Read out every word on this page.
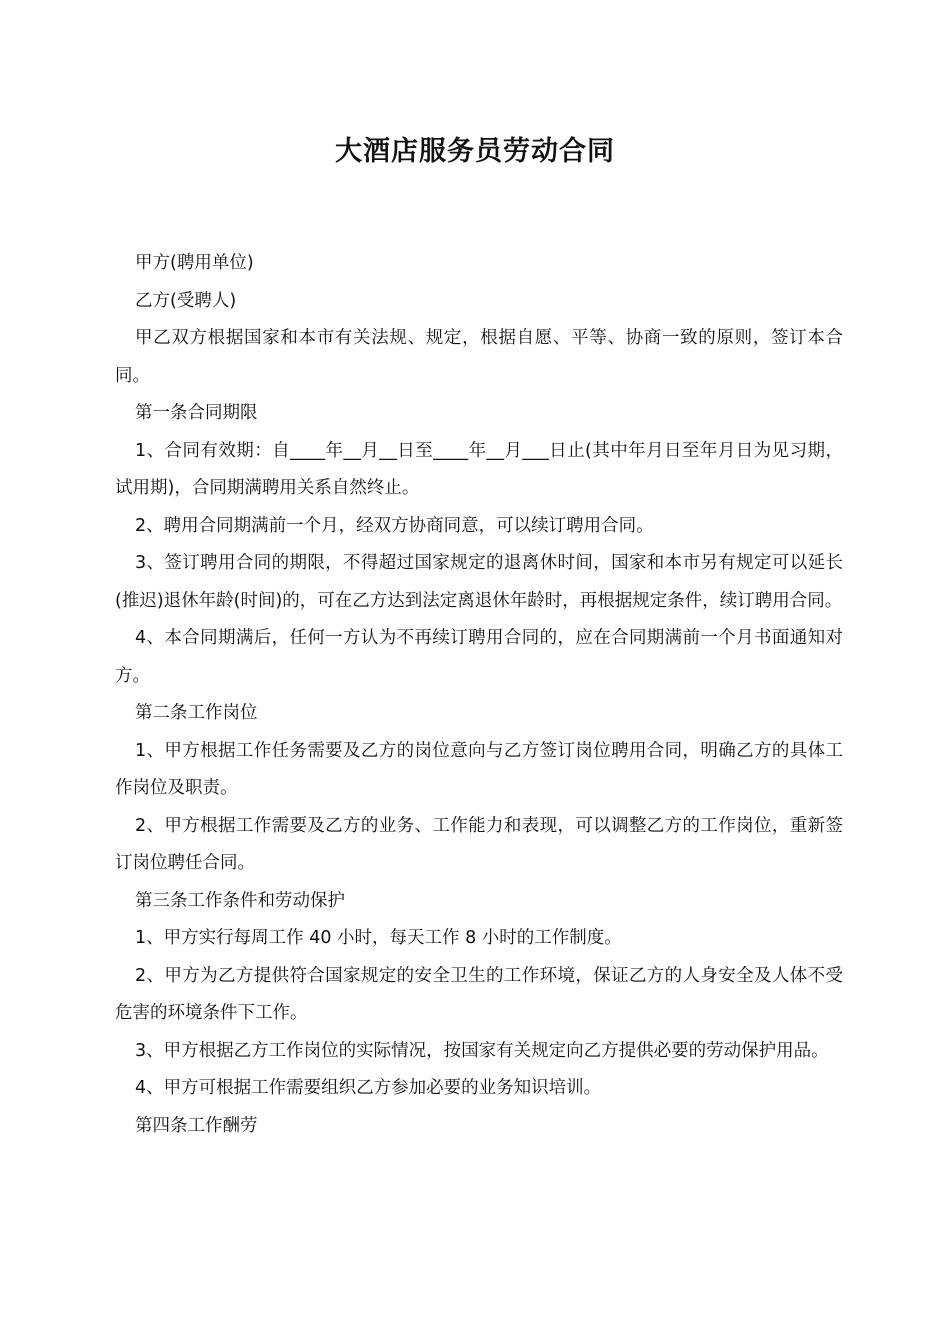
大酒店服务员劳动合同

甲方(聘用单位)

乙方(受聘人)

甲乙双方根据国家和本市有关法规、规定，根据自愿、平等、协商一致的原则，签订本合同。

第一条合同期限

1、合同有效期：自____年__月__日至____年__月___日止(其中年月日至年月日为见习期，试用期)，合同期满聘用关系自然终止。

2、聘用合同期满前一个月，经双方协商同意，可以续订聘用合同。

3、签订聘用合同的期限，不得超过国家规定的退离休时间，国家和本市另有规定可以延长(推迟)退休年龄(时间)的，可在乙方达到法定离退休年龄时，再根据规定条件，续订聘用合同。

4、本合同期满后，任何一方认为不再续订聘用合同的，应在合同期满前一个月书面通知对方。

第二条工作岗位

1、甲方根据工作任务需要及乙方的岗位意向与乙方签订岗位聘用合同，明确乙方的具体工作岗位及职责。

2、甲方根据工作需要及乙方的业务、工作能力和表现，可以调整乙方的工作岗位，重新签订岗位聘任合同。

第三条工作条件和劳动保护

1、甲方实行每周工作 40 小时，每天工作 8 小时的工作制度。

2、甲方为乙方提供符合国家规定的安全卫生的工作环境，保证乙方的人身安全及人体不受危害的环境条件下工作。

3、甲方根据乙方工作岗位的实际情况，按国家有关规定向乙方提供必要的劳动保护用品。

4、甲方可根据工作需要组织乙方参加必要的业务知识培训。

第四条工作酬劳
